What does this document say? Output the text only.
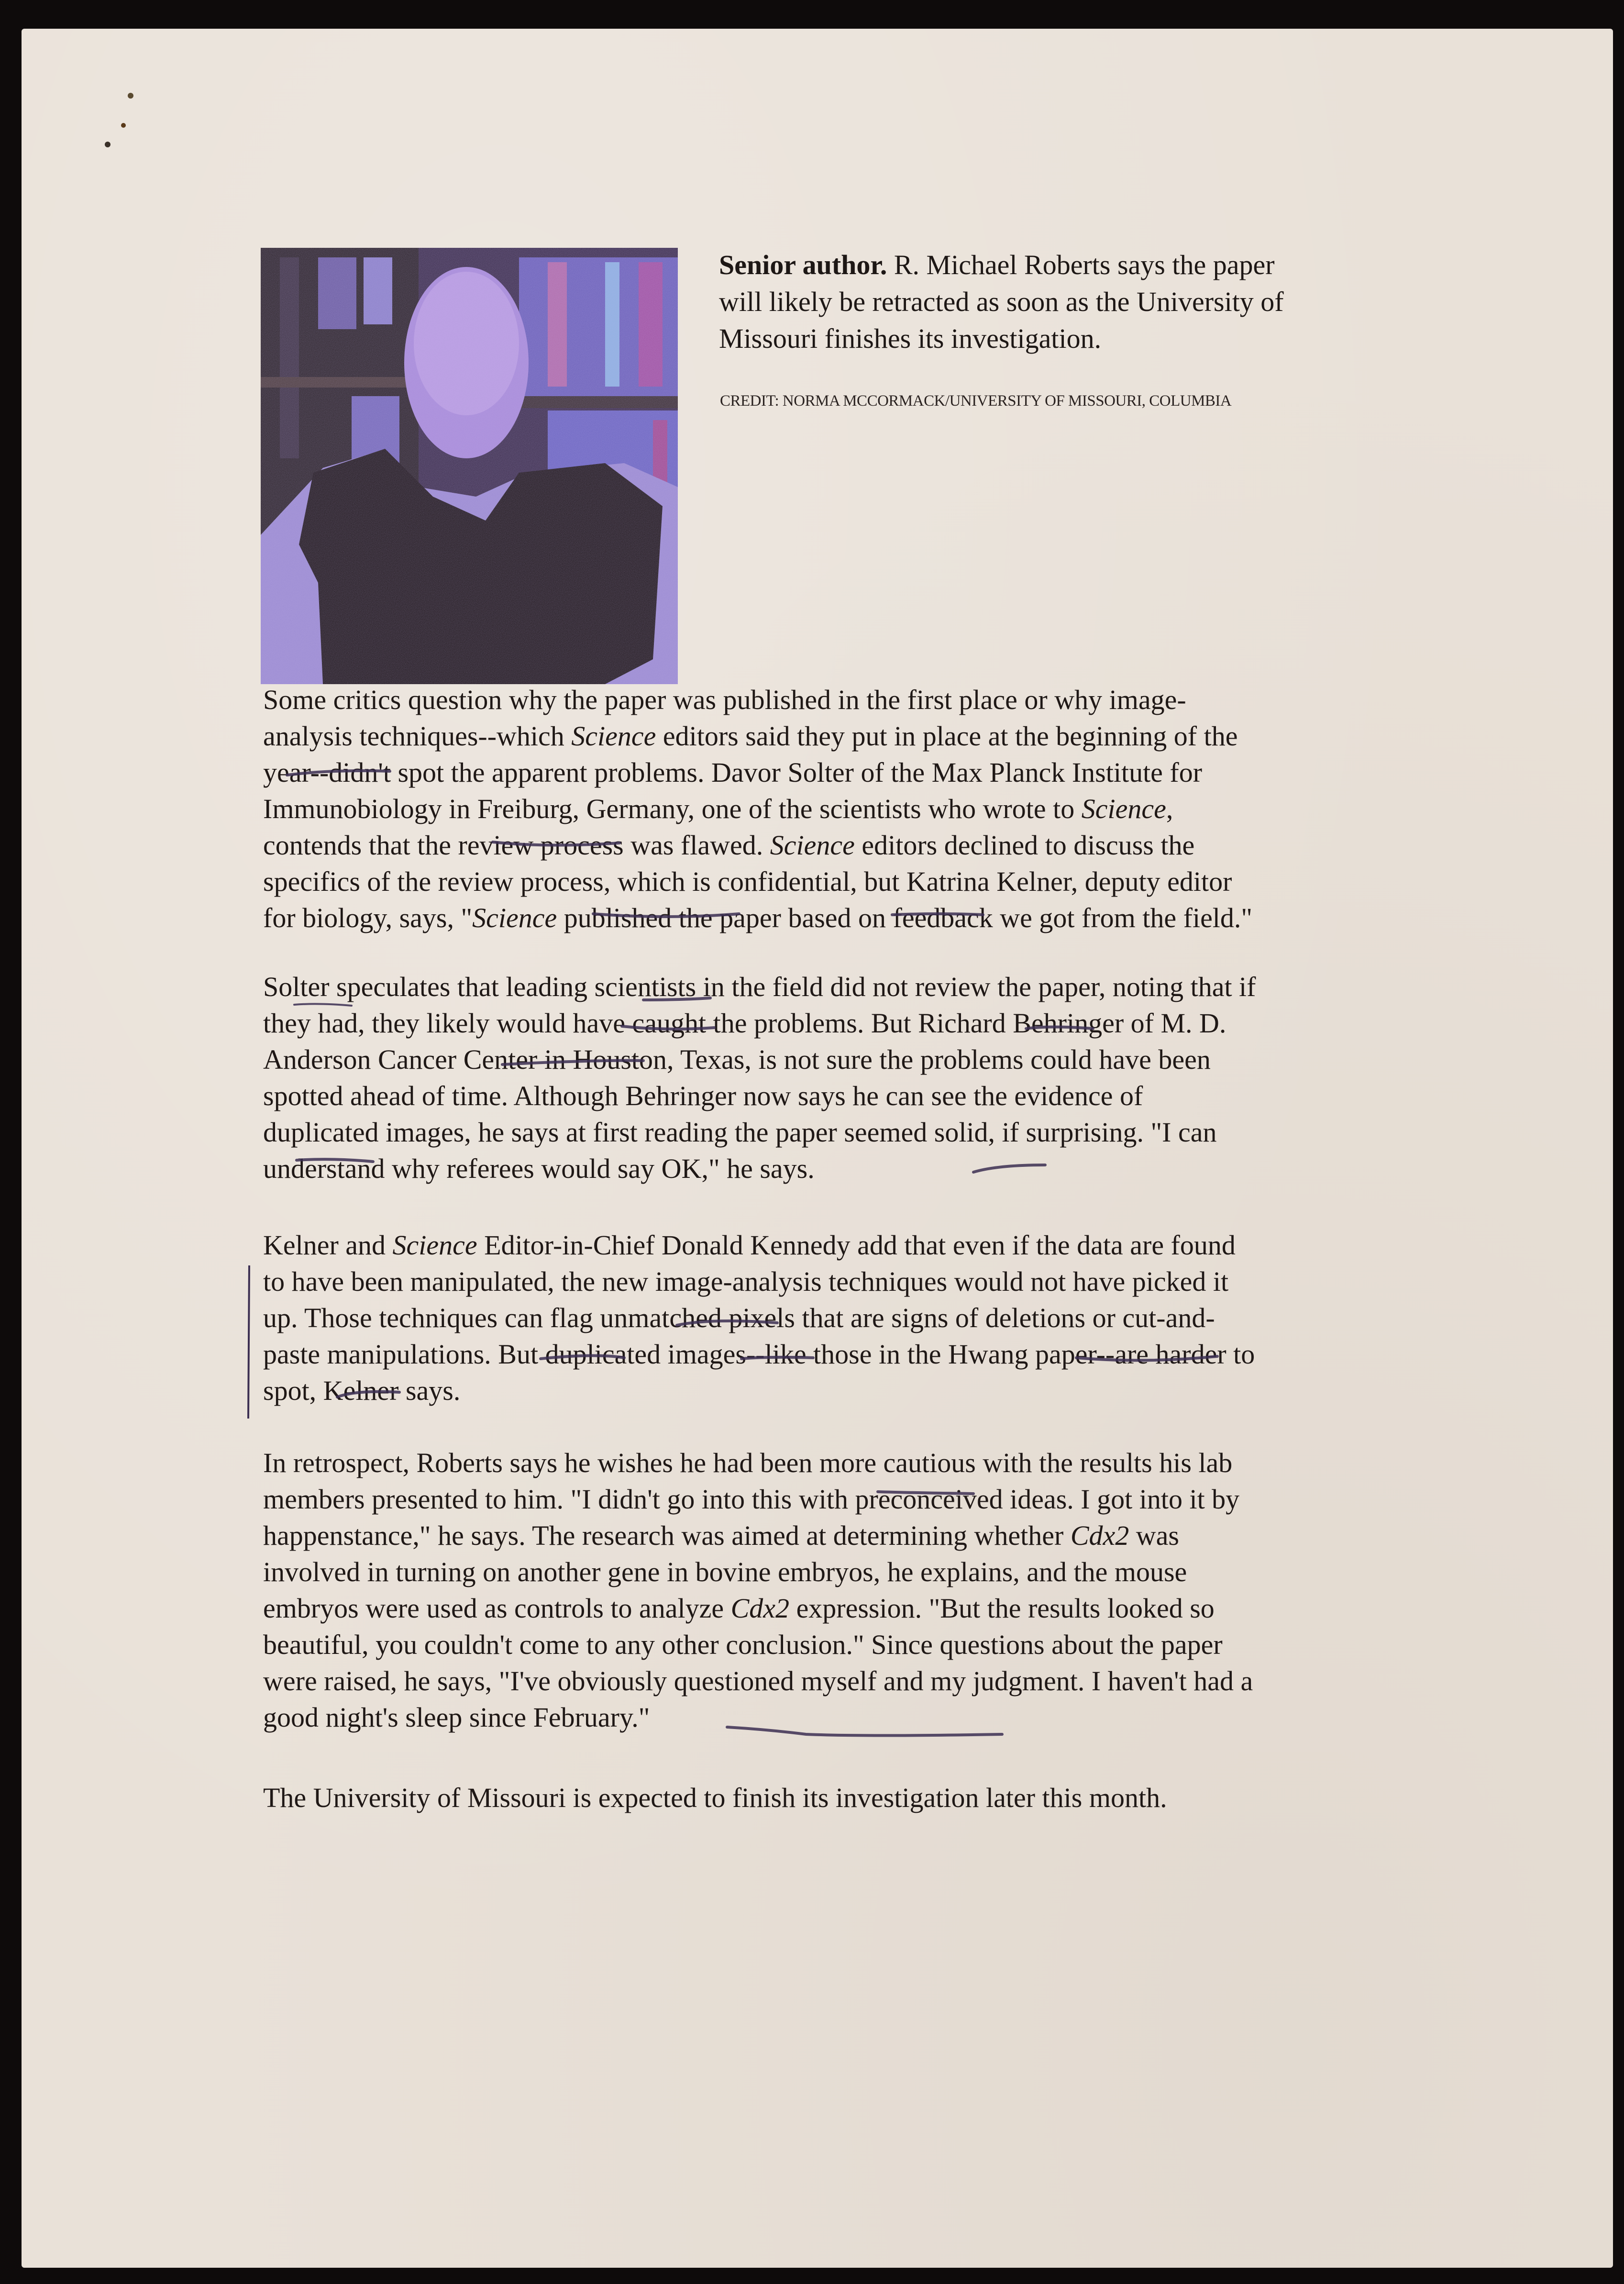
Senior author. R. Michael Roberts says the paper
will likely be retracted as soon as the University of
Missouri finishes its investigation.
CREDIT: NORMA MCCORMACK/UNIVERSITY OF MISSOURI, COLUMBIA
Some critics question why the paper was published in the first place or why image-
analysis techniques--which Science editors said they put in place at the beginning of the
year--didn't spot the apparent problems. Davor Solter of the Max Planck Institute for
Immunobiology in Freiburg, Germany, one of the scientists who wrote to Science,
contends that the review process was flawed. Science editors declined to discuss the
specifics of the review process, which is confidential, but Katrina Kelner, deputy editor
for biology, says, "Science published the paper based on feedback we got from the field."
Solter speculates that leading scientists in the field did not review the paper, noting that if
they had, they likely would have caught the problems. But Richard Behringer of M. D.
Anderson Cancer Center in Houston, Texas, is not sure the problems could have been
spotted ahead of time. Although Behringer now says he can see the evidence of
duplicated images, he says at first reading the paper seemed solid, if surprising. "I can
understand why referees would say OK," he says.
Kelner and Science Editor-in-Chief Donald Kennedy add that even if the data are found
to have been manipulated, the new image-analysis techniques would not have picked it
up. Those techniques can flag unmatched pixels that are signs of deletions or cut-and-
paste manipulations. But duplicated images--like those in the Hwang paper--are harder to
spot, Kelner says.
In retrospect, Roberts says he wishes he had been more cautious with the results his lab
members presented to him. "I didn't go into this with preconceived ideas. I got into it by
happenstance," he says. The research was aimed at determining whether Cdx2 was
involved in turning on another gene in bovine embryos, he explains, and the mouse
embryos were used as controls to analyze Cdx2 expression. "But the results looked so
beautiful, you couldn't come to any other conclusion." Since questions about the paper
were raised, he says, "I've obviously questioned myself and my judgment. I haven't had a
good night's sleep since February."
The University of Missouri is expected to finish its investigation later this month.
